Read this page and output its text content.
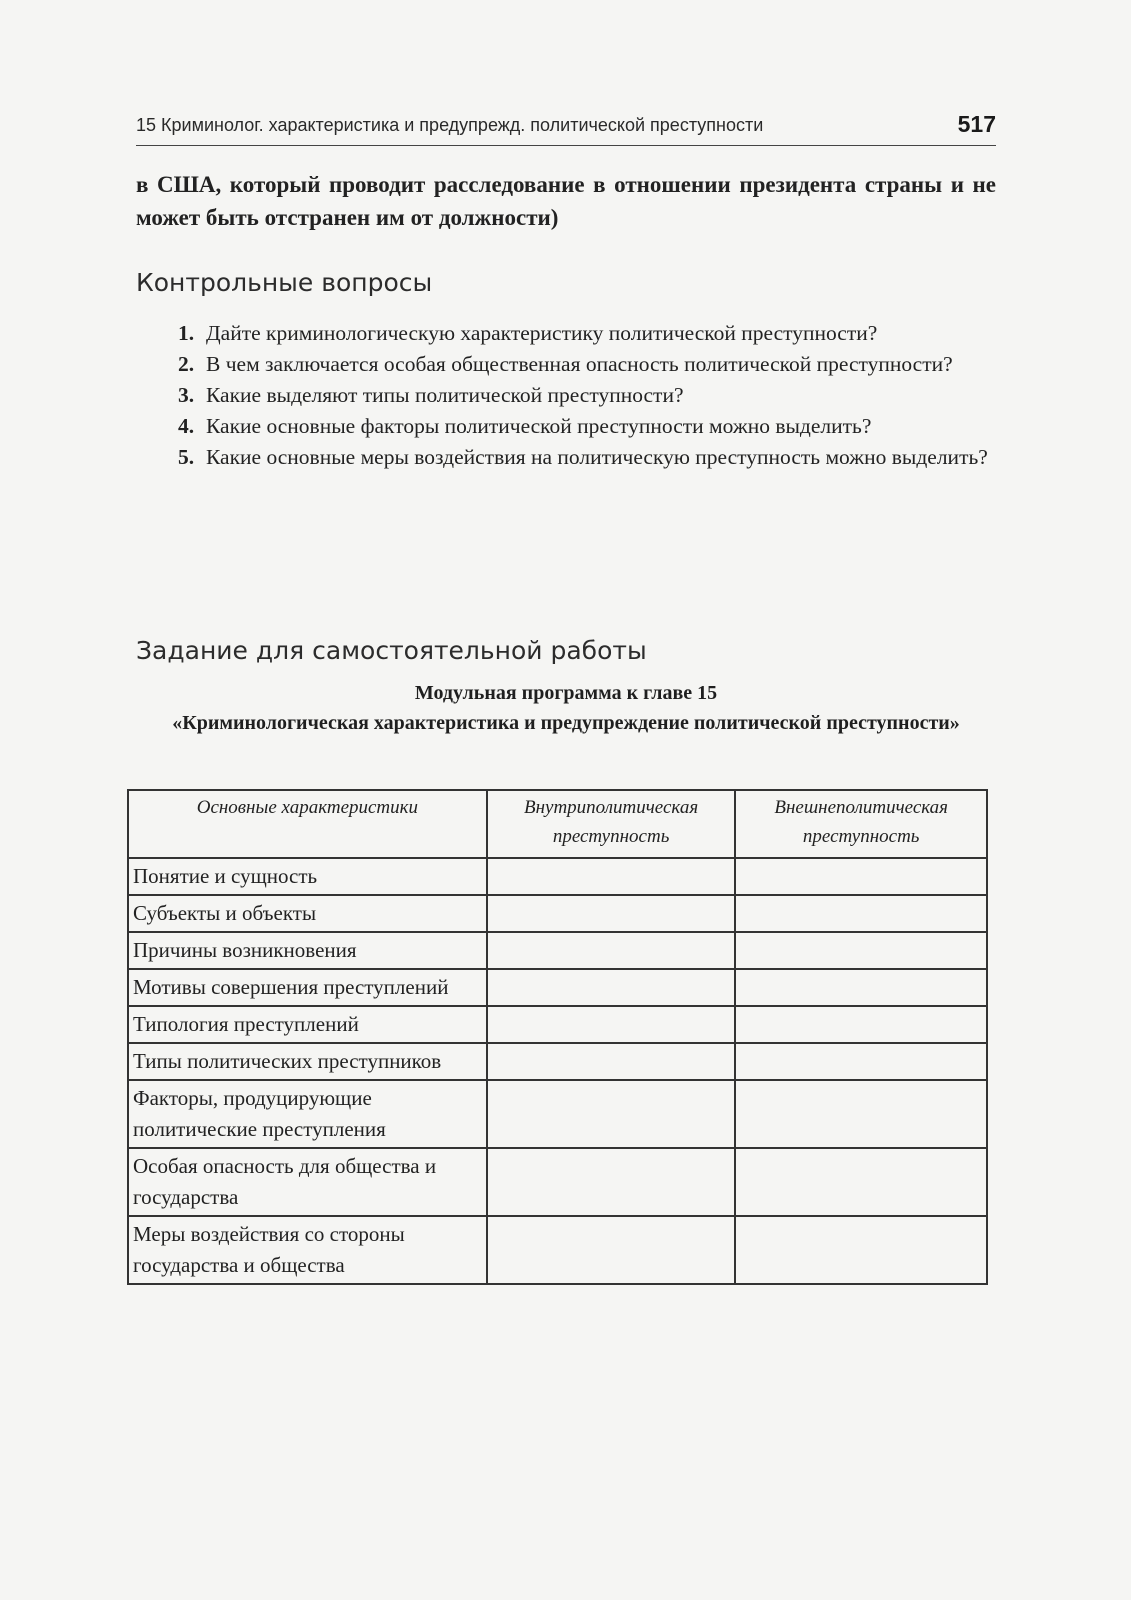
15 Криминолог. характеристика и предупрежд. политической преступности	517
в США, который проводит расследование в отношении президента страны и не может быть отстранен им от должности)
Контрольные вопросы
1. Дайте криминологическую характеристику политической преступности?
2. В чем заключается особая общественная опасность политической преступности?
3. Какие выделяют типы политической преступности?
4. Какие основные факторы политической преступности можно выделить?
5. Какие основные меры воздействия на политическую преступность можно выделить?
Задание для самостоятельной работы
Модульная программа к главе 15
«Криминологическая характеристика и предупреждение политической преступности»
Основные характеристики	Внутриполитическая преступность	Внешнеполитическая преступность
Понятие и сущность		
Субъекты и объекты		
Причины возникновения		
Мотивы совершения преступлений		
Типология преступлений		
Типы политических преступников		
Факторы, продуцирующие политические преступления		
Особая опасность для общества и государства		
Меры воздействия со стороны государства и общества		
